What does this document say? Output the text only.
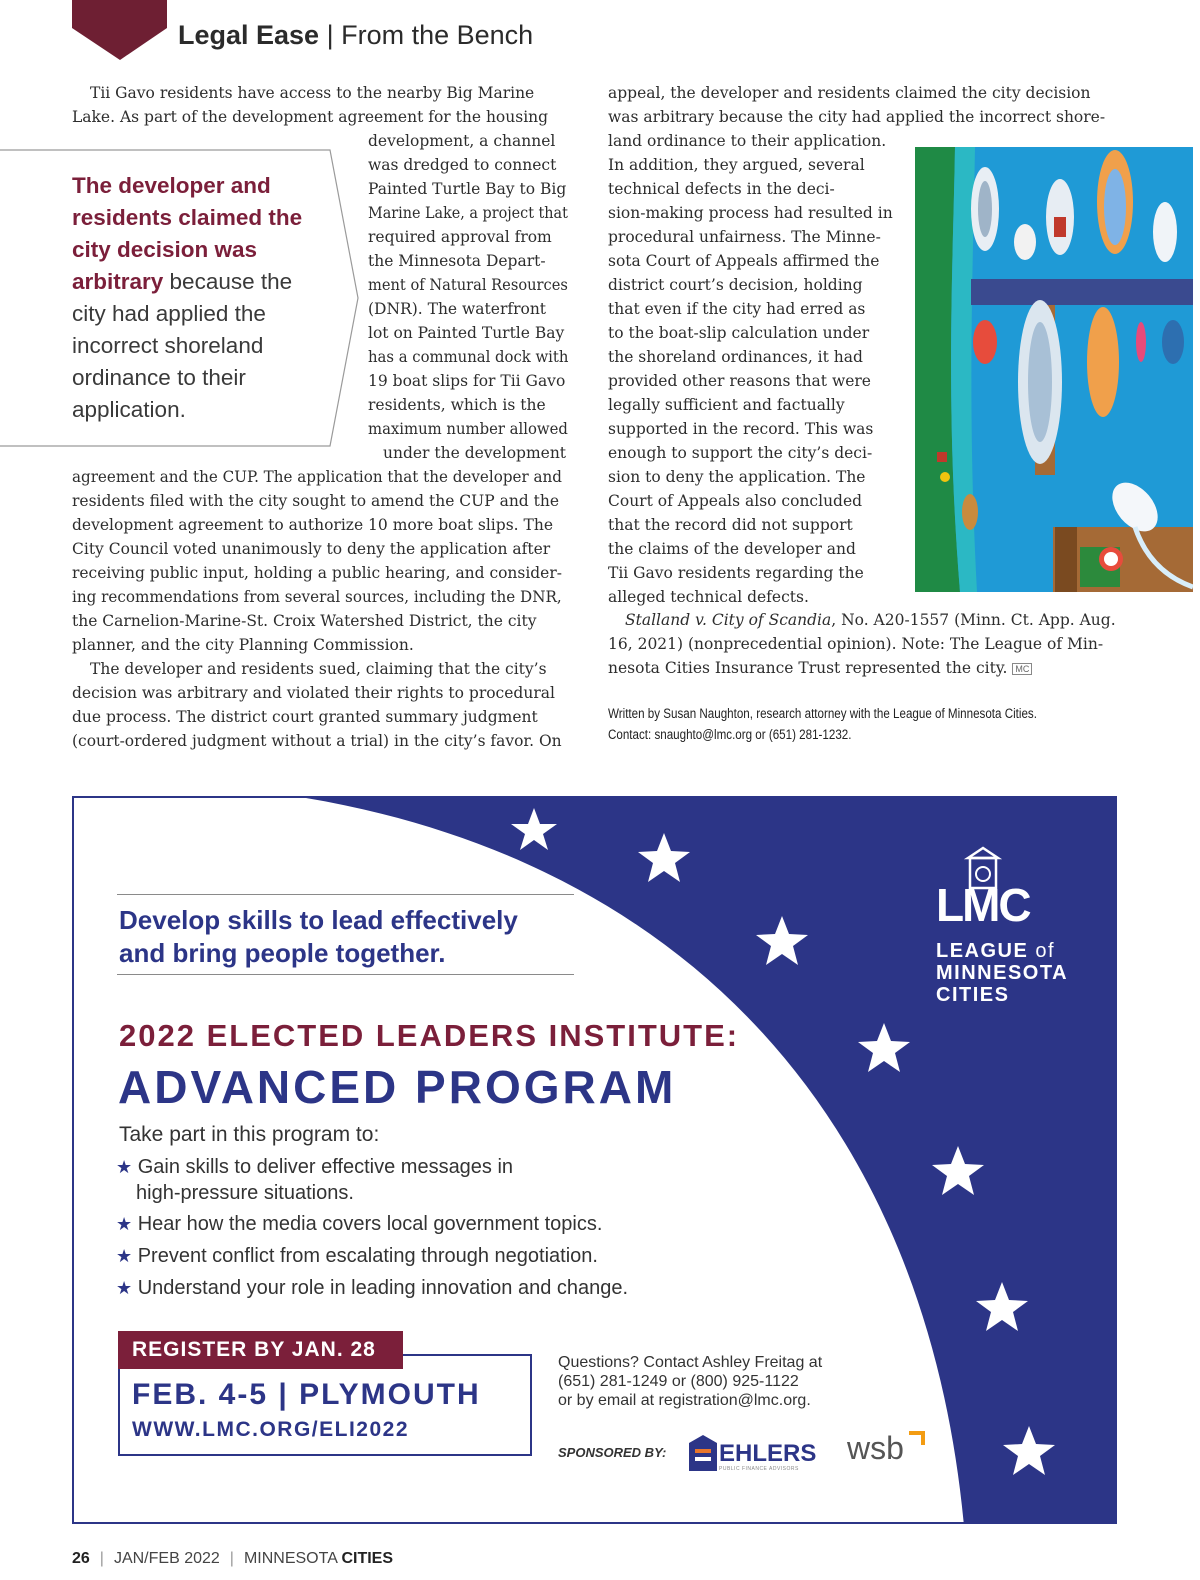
Legal Ease | From the Bench
Tii Gavo residents have access to the nearby Big Marine
Lake. As part of the development agreement for the housing
development, a channel
was dredged to connect
Painted Turtle Bay to Big
Marine Lake, a project that
required approval from
the Minnesota Depart-
ment of Natural Resources
(DNR). The waterfront
lot on Painted Turtle Bay
has a communal dock with
19 boat slips for Tii Gavo
residents, which is the
maximum number allowed
under the development
agreement and the CUP. The application that the developer and
residents filed with the city sought to amend the CUP and the
development agreement to authorize 10 more boat slips. The
City Council voted unanimously to deny the application after
receiving public input, holding a public hearing, and consider-
ing recommendations from several sources, including the DNR,
the Carnelion-Marine-St. Croix Watershed District, the city
planner, and the city Planning Commission.
The developer and residents sued, claiming that the city’s
decision was arbitrary and violated their rights to procedural
due process. The district court granted summary judgment
(court-ordered judgment without a trial) in the city’s favor. On
appeal, the developer and residents claimed the city decision
was arbitrary because the city had applied the incorrect shore-
land ordinance to their application.
In addition, they argued, several
technical defects in the deci-
sion-making process had resulted in
procedural unfairness. The Minne-
sota Court of Appeals affirmed the
district court’s decision, holding
that even if the city had erred as
to the boat-slip calculation under
the shoreland ordinances, it had
provided other reasons that were
legally sufficient and factually
supported in the record. This was
enough to support the city’s deci-
sion to deny the application. The
Court of Appeals also concluded
that the record did not support
the claims of the developer and
Tii Gavo residents regarding the
alleged technical defects.
The developer and residents claimed the city decision was arbitrary because the city had applied the incorrect shoreland ordinance to their application.
Stalland v. City of Scandia, No. A20-1557 (Minn. Ct. App. Aug.
16, 2021) (nonprecedential opinion). Note: The League of Min-
nesota Cities Insurance Trust represented the city. MC
Written by Susan Naughton, research attorney with the League of Minnesota Cities.
Contact: snaughto@lmc.org or (651) 281-1232.
Develop skills to lead effectively
and bring people together.
2022 ELECTED LEADERS INSTITUTE:
ADVANCED PROGRAM
Take part in this program to:
★ Gain skills to deliver effective messages in
high-pressure situations.
★ Hear how the media covers local government topics.
★ Prevent conflict from escalating through negotiation.
★ Understand your role in leading innovation and change.
REGISTER BY JAN. 28
FEB. 4-5 | PLYMOUTH
WWW.LMC.ORG/ELI2022
Questions? Contact Ashley Freitag at
(651) 281-1249 or (800) 925-1122
or by email at registration@lmc.org.
SPONSORED BY: EHLERS
PUBLIC FINANCE ADVISORS
wsb
LMC
LEAGUE of
MINNESOTA
CITIES
26 | JAN/FEB 2022 | MINNESOTA CITIES
